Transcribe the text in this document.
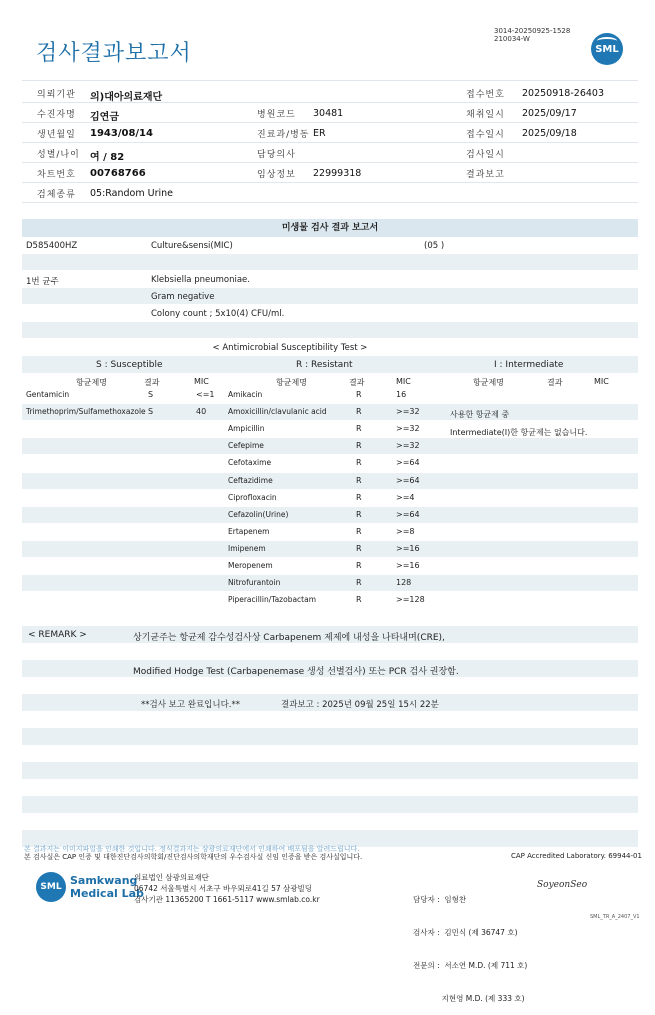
검사결과보고서
3014-20250925-1528
210034-W
SML
의뢰기관 의)대아의료재단
수진자명 김연금
생년월일 1943/08/14
성별/나이 여 / 82
차트번호 00768766
검체종류 05:Random Urine
병원코드 30481
진료과/병동 ER
담당의사
임상정보 22999318
접수번호 20250918-26403
채취일시 2025/09/17
접수일시 2025/09/18
검사일시
결과보고
미생물 검사 결과 보고서
D585400HZ	Culture&sensi(MIC)	(05 )
1번 균주	Klebsiella pneumoniae.
Gram negative
Colony count ; 5x10(4) CFU/ml.
< Antimicrobial Susceptibility Test >
S : Susceptible	R : Resistant	I : Intermediate
항균제명	결과	MIC	항균제명	결과	MIC	항균제명	결과	MIC
Gentamicin	S	<=1
Trimethoprim/Sulfamethoxazole S	40
Amikacin	R	16
Amoxicillin/clavulanic acid	R	>=32
Ampicillin	R	>=32
Cefepime	R	>=32
Cefotaxime	R	>=64
Ceftazidime	R	>=64
Ciprofloxacin	R	>=4
Cefazolin(Urine)	R	>=64
Ertapenem	R	>=8
Imipenem	R	>=16
Meropenem	R	>=16
Nitrofurantoin	R	128
Piperacillin/Tazobactam	R	>=128
사용한 항균제 중
Intermediate(I)한 항균제는 없습니다.
< REMARK >	상기균주는 항균제 감수성검사상 Carbapenem 제제에 내성을 나타내며(CRE),
Modified Hodge Test (Carbapenemase 생성 선별검사) 또는 PCR 검사 권장함.
**검사 보고 완료입니다.**	결과보고 : 2025년 09월 25일 15시 22분
본 결과지는 이미지파일을 인쇄한 것입니다. 정식결과지는 삼광의료재단에서 인쇄하여 배포됨을 알려드립니다.
본 검사실은 CAP 인증 및 대한진단검사의학회/진단검사의학재단의 우수검사실 신임 인증을 받은 검사실입니다.	CAP Accredited Laboratory. 69944-01
SML Samkwang
Medical Lab
의료법인 삼광의료재단
06742 서울특별시 서초구 바우뫼로41길 57 삼광빌딩
검사기관 11365200 T 1661-5117 www.smlab.co.kr

	담당자 :  임형찬

검사자 :  김민식 (제 36747 호)

전문의 :  서소연 M.D. (제 711 호)

지현영 M.D. (제 333 호)

SoyeonSeo
SML_TR_A_2407_V1
